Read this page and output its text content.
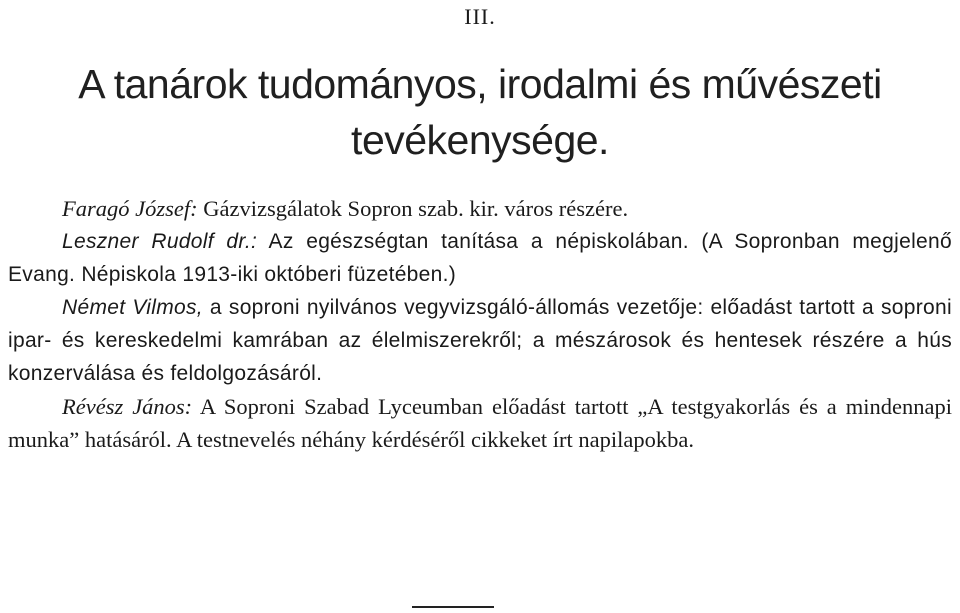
III.
A tanárok tudományos, irodalmi és művészeti
tevékenysége.

Faragó József: Gázvizsgálatok Sopron szab. kir. város részére.

Leszner Rudolf dr.: Az egészségtan tanítása a népiskolában. (A Sopronban megjelenő Evang. Népiskola 1913-iki októberi füzetében.)

Német Vilmos, a soproni nyilvános vegyvizsgáló-állomás vezetője: előadást tartott a soproni ipar- és kereskedelmi kamrában az élelmiszerekről; a mészárosok és hentesek részére a hús konzerválása és feldolgozásáról.

Révész János: A Soproni Szabad Lyceumban előadást tartott „A testgyakorlás és a mindennapi munka” hatásáról. A testnevelés néhány kérdéséről cikkeket írt napilapokba.
